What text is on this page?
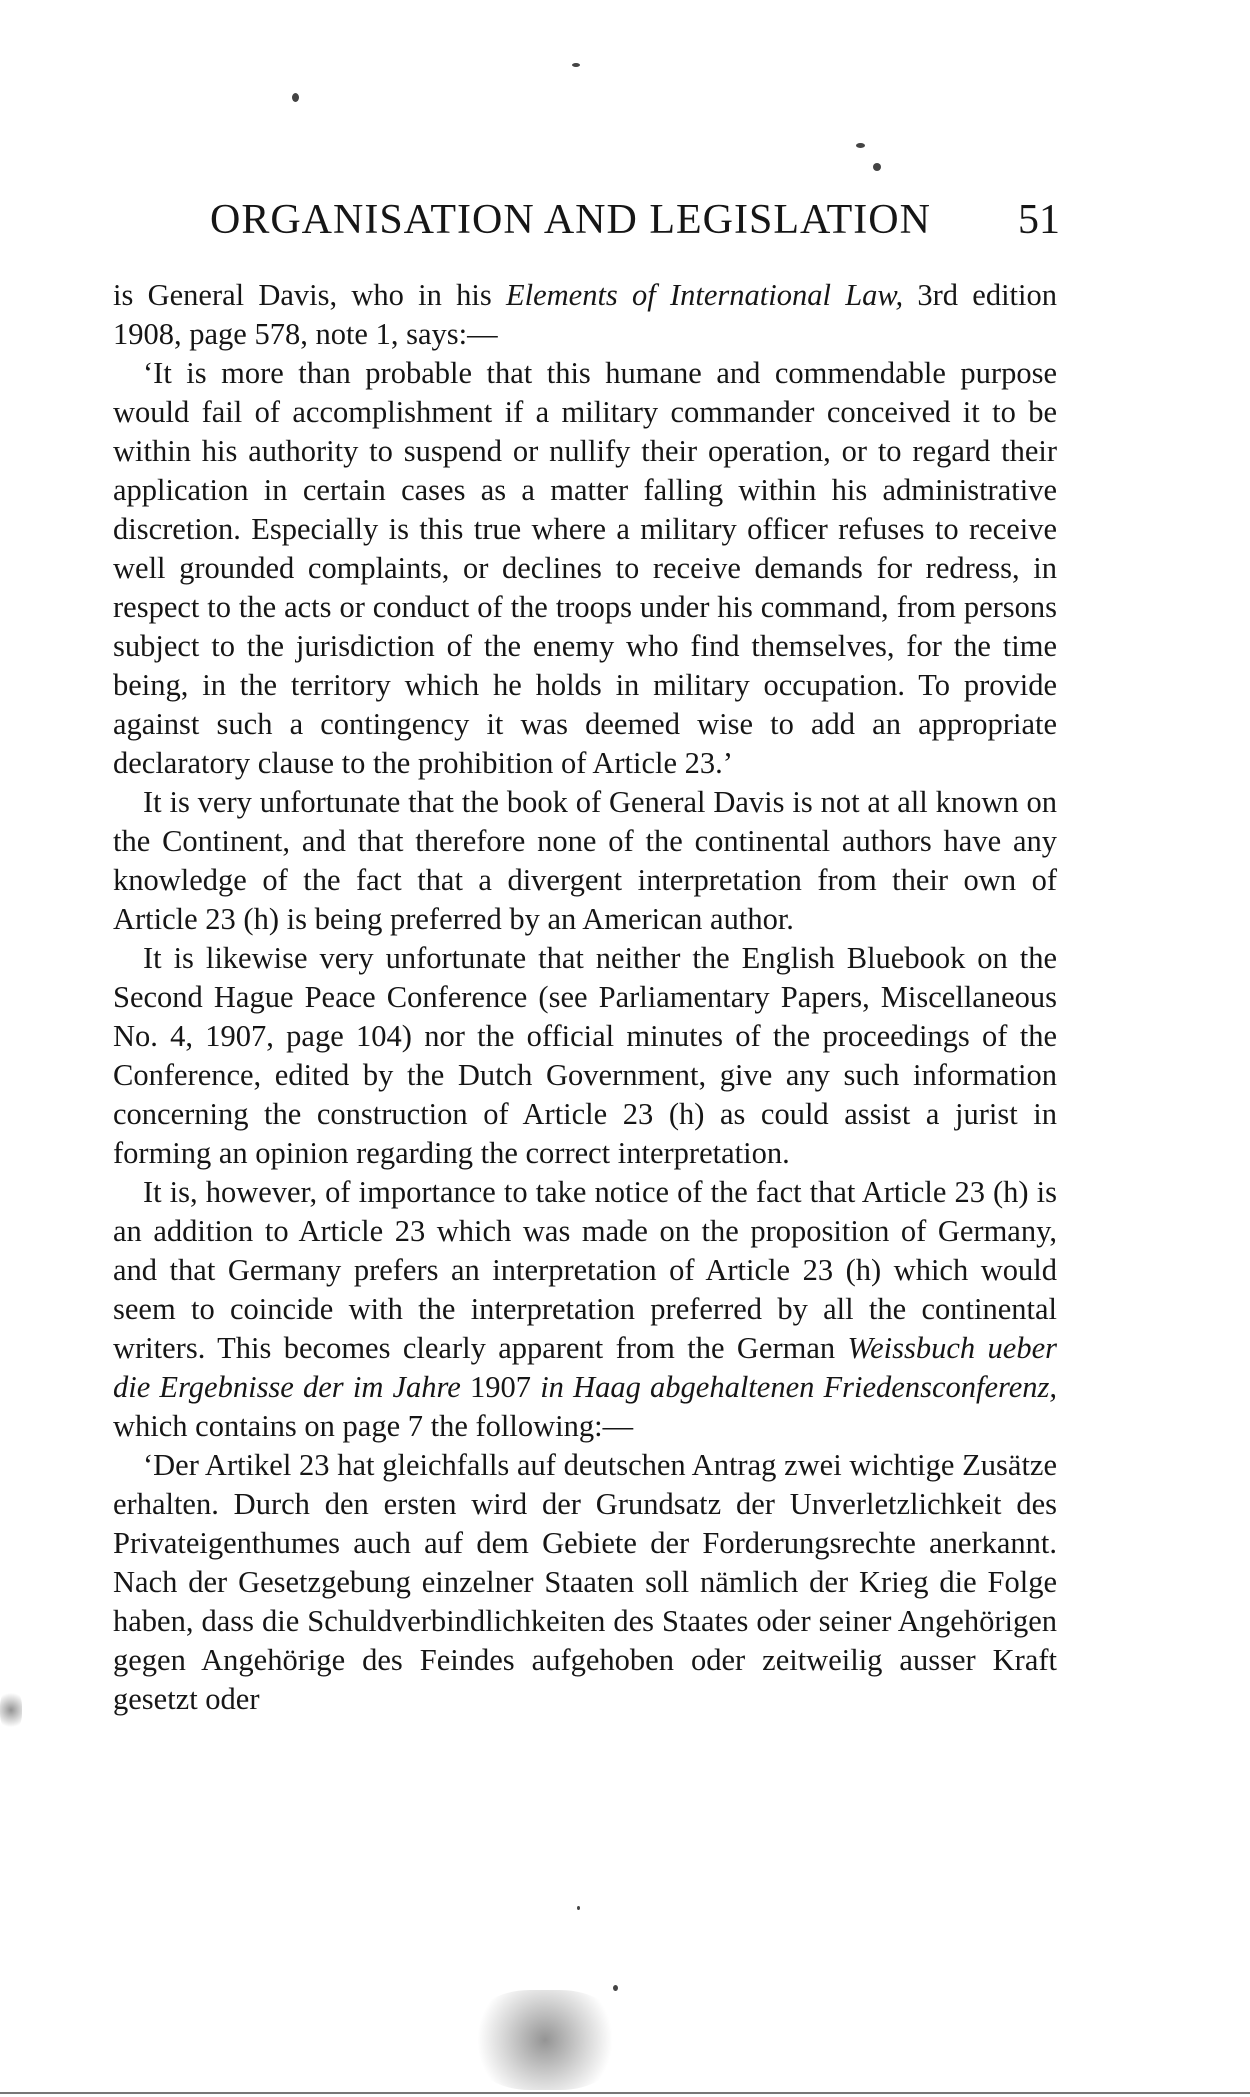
ORGANISATION AND LEGISLATION 51

is General Davis, who in his Elements of International Law, 3rd edition 1908, page 578, note 1, says:—

‘It is more than probable that this humane and commendable purpose would fail of accomplishment if a military commander conceived it to be within his authority to suspend or nullify their operation, or to regard their application in certain cases as a matter falling within his administrative discretion. Especially is this true where a military officer refuses to receive well grounded complaints, or declines to receive demands for redress, in respect to the acts or conduct of the troops under his command, from persons subject to the jurisdiction of the enemy who find themselves, for the time being, in the territory which he holds in military occupation. To provide against such a contingency it was deemed wise to add an appropriate declaratory clause to the prohibition of Article 23.’

It is very unfortunate that the book of General Davis is not at all known on the Continent, and that therefore none of the continental authors have any knowledge of the fact that a divergent interpretation from their own of Article 23 (h) is being preferred by an American author.

It is likewise very unfortunate that neither the English Bluebook on the Second Hague Peace Conference (see Parliamentary Papers, Miscellaneous No. 4, 1907, page 104) nor the official minutes of the proceedings of the Conference, edited by the Dutch Government, give any such information concerning the construction of Article 23 (h) as could assist a jurist in forming an opinion regarding the correct interpretation.

It is, however, of importance to take notice of the fact that Article 23 (h) is an addition to Article 23 which was made on the proposition of Germany, and that Germany prefers an interpretation of Article 23 (h) which would seem to coincide with the interpretation preferred by all the continental writers. This becomes clearly apparent from the German Weissbuch ueber die Ergebnisse der im Jahre 1907 in Haag abgehaltenen Friedensconferenz, which contains on page 7 the following:—

‘Der Artikel 23 hat gleichfalls auf deutschen Antrag zwei wichtige Zusätze erhalten. Durch den ersten wird der Grundsatz der Unverletzlichkeit des Privateigenthumes auch auf dem Gebiete der Forderungsrechte anerkannt. Nach der Gesetzgebung einzelner Staaten soll nämlich der Krieg die Folge haben, dass die Schuldverbindlichkeiten des Staates oder seiner Angehörigen gegen Angehörige des Feindes aufgehoben oder zeitweilig ausser Kraft gesetzt oder
